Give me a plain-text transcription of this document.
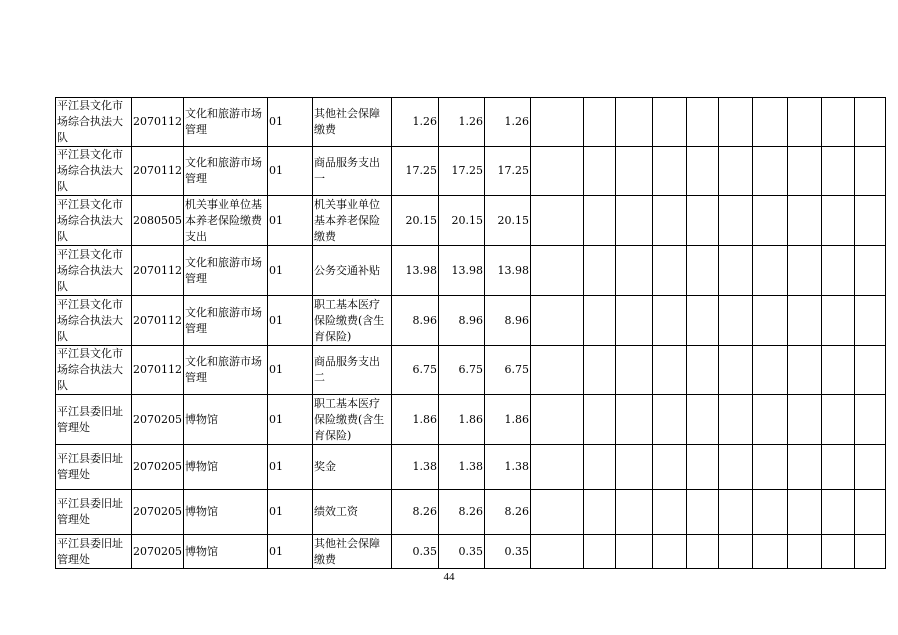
平江县文化市场综合执法大队	2070112	文化和旅游市场管理	01	其他社会保障缴费	1.26	1.26	1.26										
平江县文化市场综合执法大队	2070112	文化和旅游市场管理	01	商品服务支出一	17.25	17.25	17.25										
平江县文化市场综合执法大队	2080505	机关事业单位基本养老保险缴费支出	01	机关事业单位基本养老保险缴费	20.15	20.15	20.15										
平江县文化市场综合执法大队	2070112	文化和旅游市场管理	01	公务交通补贴	13.98	13.98	13.98										
平江县文化市场综合执法大队	2070112	文化和旅游市场管理	01	职工基本医疗保险缴费(含生育保险)	8.96	8.96	8.96										
平江县文化市场综合执法大队	2070112	文化和旅游市场管理	01	商品服务支出二	6.75	6.75	6.75										
平江县委旧址管理处	2070205	博物馆	01	职工基本医疗保险缴费(含生育保险)	1.86	1.86	1.86										
平江县委旧址管理处	2070205	博物馆	01	奖金	1.38	1.38	1.38										
平江县委旧址管理处	2070205	博物馆	01	绩效工资	8.26	8.26	8.26										
平江县委旧址管理处	2070205	博物馆	01	其他社会保障缴费	0.35	0.35	0.35										
44
